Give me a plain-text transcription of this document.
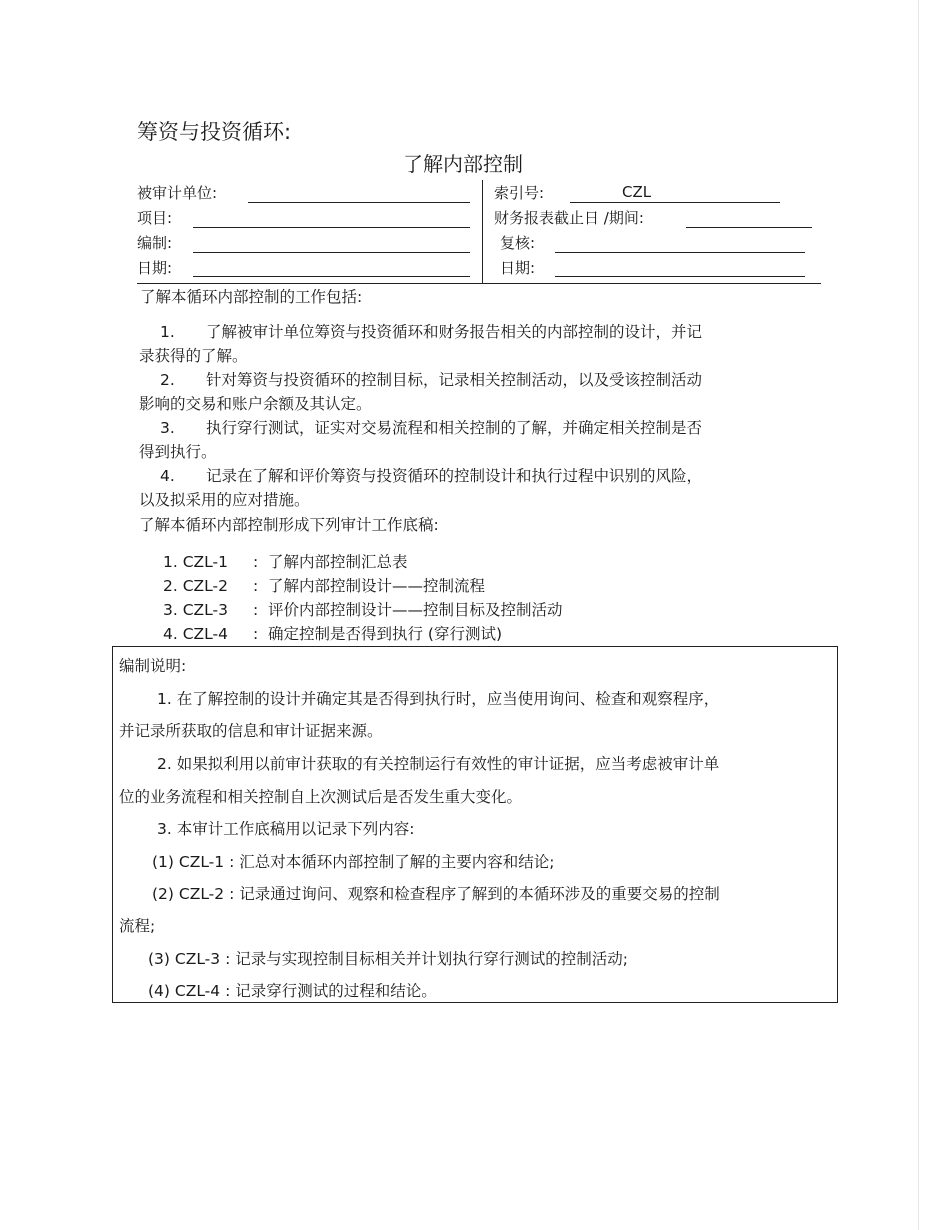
筹资与投资循环:
了解内部控制
被审计单位:	索引号:	CZL
项目:	财务报表截止日 /期间:
编制:	复核:
日期:	日期:
了解本循环内部控制的工作包括:
1. 了解被审计单位筹资与投资循环和财务报告相关的内部控制的设计，并记
录获得的了解。
2. 针对筹资与投资循环的控制目标，记录相关控制活动，以及受该控制活动
影响的交易和账户余额及其认定。
3. 执行穿行测试，证实对交易流程和相关控制的了解，并确定相关控制是否
得到执行。
4. 记录在了解和评价筹资与投资循环的控制设计和执行过程中识别的风险，
以及拟采用的应对措施。
了解本循环内部控制形成下列审计工作底稿:
1. CZL-1 : 了解内部控制汇总表
2. CZL-2 : 了解内部控制设计——控制流程
3. CZL-3 : 评价内部控制设计——控制目标及控制活动
4. CZL-4 : 确定控制是否得到执行 (穿行测试)
编制说明:
1. 在了解控制的设计并确定其是否得到执行时，应当使用询问、检查和观察程序，
并记录所获取的信息和审计证据来源。
2. 如果拟利用以前审计获取的有关控制运行有效性的审计证据，应当考虑被审计单
位的业务流程和相关控制自上次测试后是否发生重大变化。
3. 本审计工作底稿用以记录下列内容:
(1) CZL-1 : 汇总对本循环内部控制了解的主要内容和结论;
(2) CZL-2 : 记录通过询问、观察和检查程序了解到的本循环涉及的重要交易的控制
流程;
(3) CZL-3 : 记录与实现控制目标相关并计划执行穿行测试的控制活动;
(4) CZL-4 : 记录穿行测试的过程和结论。
